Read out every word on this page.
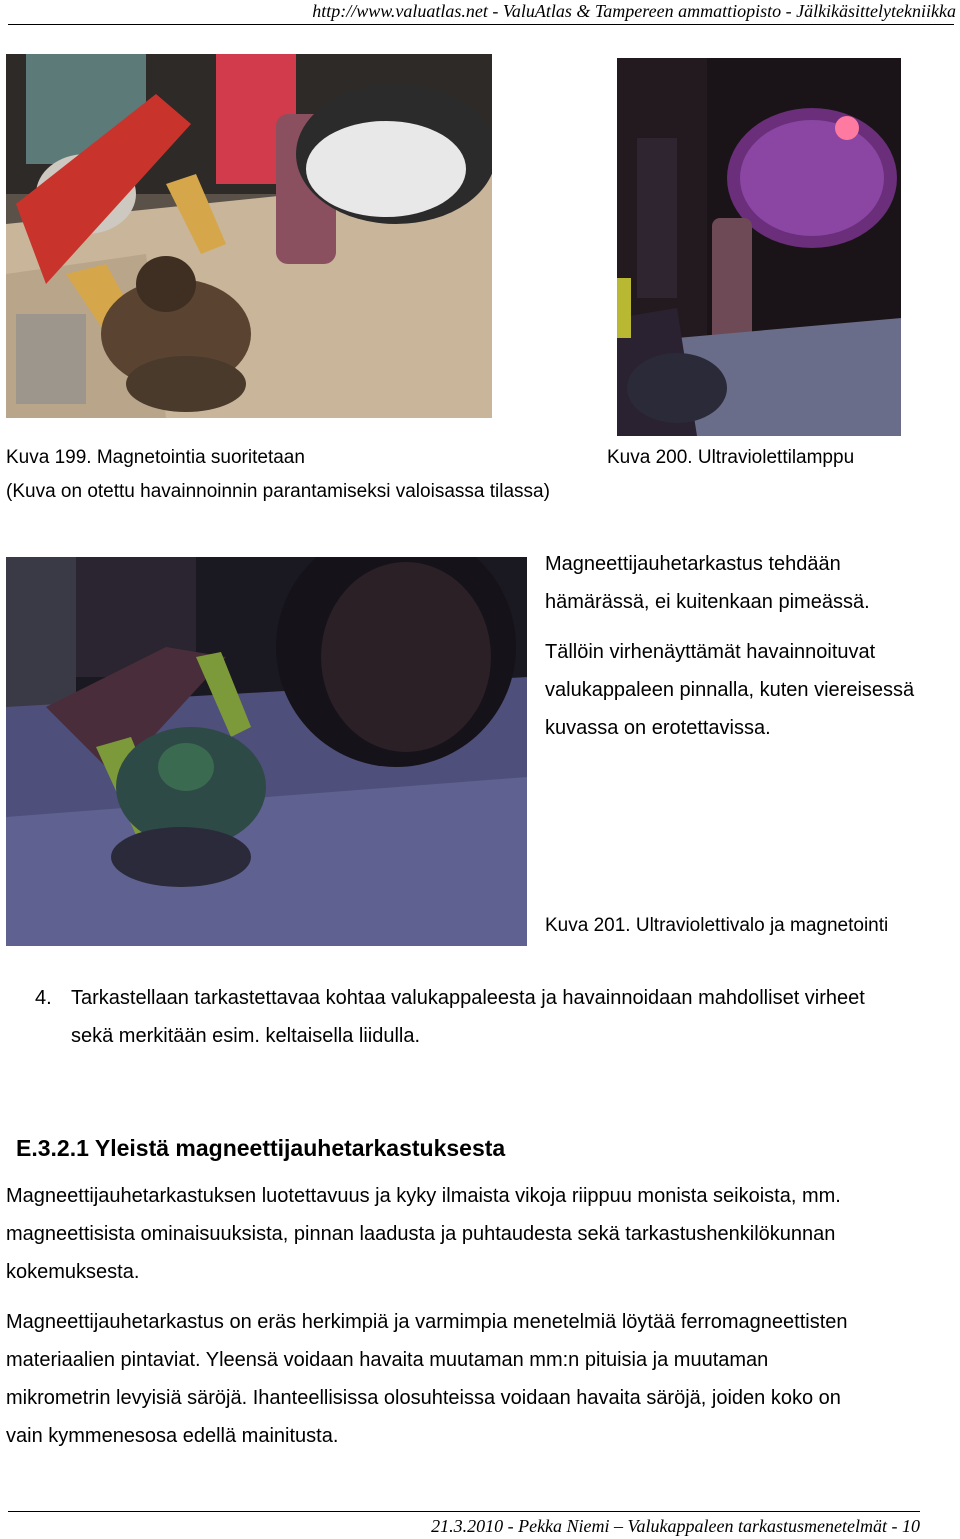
http://www.valuatlas.net - ValuAtlas & Tampereen ammattiopisto - Jälkikäsittelytekniikka
Kuva 199. Magnetointia suoritetaan	Kuva 200. Ultraviolettilamppu
(Kuva on otettu havainnoinnin parantamiseksi valoisassa tilassa)
Magneettijauhetarkastus tehdään
hämärässä, ei kuitenkaan pimeässä.
Tällöin virhenäyttämät havainnoituvat
valukappaleen pinnalla, kuten viereisessä
kuvassa on erotettavissa.
Kuva 201. Ultraviolettivalo ja magnetointi
4. Tarkastellaan tarkastettavaa kohtaa valukappaleesta ja havainnoidaan mahdolliset virheet
sekä merkitään esim. keltaisella liidulla.
E.3.2.1 Yleistä magneettijauhetarkastuksesta
Magneettijauhetarkastuksen luotettavuus ja kyky ilmaista vikoja riippuu monista seikoista, mm.
magneettisista ominaisuuksista, pinnan laadusta ja puhtaudesta sekä tarkastushenkilökunnan
kokemuksesta.
Magneettijauhetarkastus on eräs herkimpiä ja varmimpia menetelmiä löytää ferromagneettisten
materiaalien pintaviat. Yleensä voidaan havaita muutaman mm:n pituisia ja muutaman
mikrometrin levyisiä säröjä. Ihanteellisissa olosuhteissa voidaan havaita säröjä, joiden koko on
vain kymmenesosa edellä mainitusta.
21.3.2010 - Pekka Niemi – Valukappaleen tarkastusmenetelmät - 10
